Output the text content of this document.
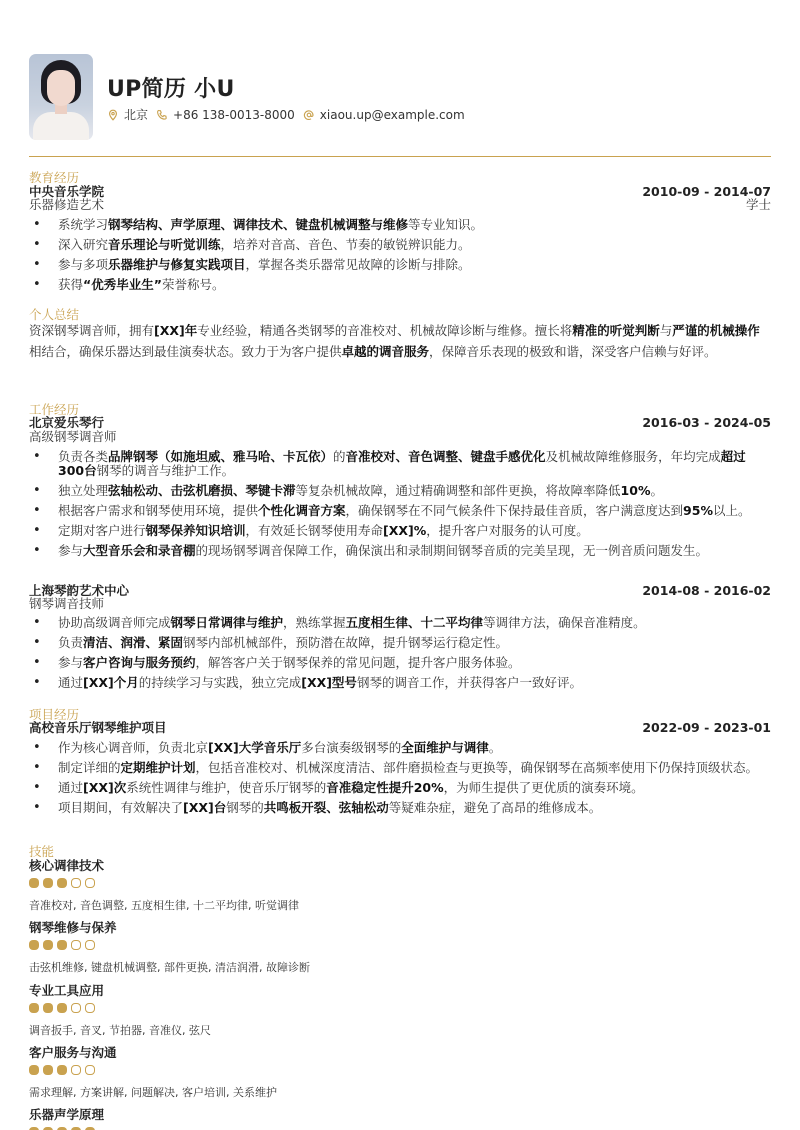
UP简历 小U
北京 +86 138-0013-8000 xiaou.up@example.com
教育经历
中央音乐学院
乐器修造艺术
2010-09 - 2014-07
学士
• 系统学习钢琴结构、声学原理、调律技术、键盘机械调整与维修等专业知识。
• 深入研究音乐理论与听觉训练，培养对音高、音色、节奏的敏锐辨识能力。
• 参与多项乐器维护与修复实践项目，掌握各类乐器常见故障的诊断与排除。
• 获得“优秀毕业生”荣誉称号。
个人总结
资深钢琴调音师，拥有[XX]年专业经验，精通各类钢琴的音准校对、机械故障诊断与维修。擅长将精准的听觉判断与严谨的机械操作相结合，确保乐器达到最佳演奏状态。致力于为客户提供卓越的调音服务，保障音乐表现的极致和谐，深受客户信赖与好评。
工作经历
北京爱乐琴行
高级钢琴调音师
2016-03 - 2024-05
• 负责各类品牌钢琴（如施坦威、雅马哈、卡瓦依）的音准校对、音色调整、键盘手感优化及机械故障维修服务，年均完成超过300台钢琴的调音与维护工作。
• 独立处理弦轴松动、击弦机磨损、琴键卡滞等复杂机械故障，通过精确调整和部件更换，将故障率降低10%。
• 根据客户需求和钢琴使用环境，提供个性化调音方案，确保钢琴在不同气候条件下保持最佳音质，客户满意度达到95%以上。
• 定期对客户进行钢琴保养知识培训，有效延长钢琴使用寿命[XX]%，提升客户对服务的认可度。
• 参与大型音乐会和录音棚的现场钢琴调音保障工作，确保演出和录制期间钢琴音质的完美呈现，无一例音质问题发生。
上海琴韵艺术中心
钢琴调音技师
2014-08 - 2016-02
• 协助高级调音师完成钢琴日常调律与维护，熟练掌握五度相生律、十二平均律等调律方法，确保音准精度。
• 负责清洁、润滑、紧固钢琴内部机械部件，预防潜在故障，提升钢琴运行稳定性。
• 参与客户咨询与服务预约，解答客户关于钢琴保养的常见问题，提升客户服务体验。
• 通过[XX]个月的持续学习与实践，独立完成[XX]型号钢琴的调音工作，并获得客户一致好评。
项目经历
高校音乐厅钢琴维护项目	2022-09 - 2023-01
• 作为核心调音师，负责北京[XX]大学音乐厅多台演奏级钢琴的全面维护与调律。
• 制定详细的定期维护计划，包括音准校对、机械深度清洁、部件磨损检查与更换等，确保钢琴在高频率使用下仍保持顶级状态。
• 通过[XX]次系统性调律与维护，使音乐厅钢琴的音准稳定性提升20%，为师生提供了更优质的演奏环境。
• 项目期间，有效解决了[XX]台钢琴的共鸣板开裂、弦轴松动等疑难杂症，避免了高昂的维修成本。
技能
核心调律技术
音准校对, 音色调整, 五度相生律, 十二平均律, 听觉调律
钢琴维修与保养
击弦机维修, 键盘机械调整, 部件更换, 清洁润滑, 故障诊断
专业工具应用
调音扳手, 音叉, 节拍器, 音准仪, 弦尺
客户服务与沟通
需求理解, 方案讲解, 问题解决, 客户培训, 关系维护
乐器声学原理
